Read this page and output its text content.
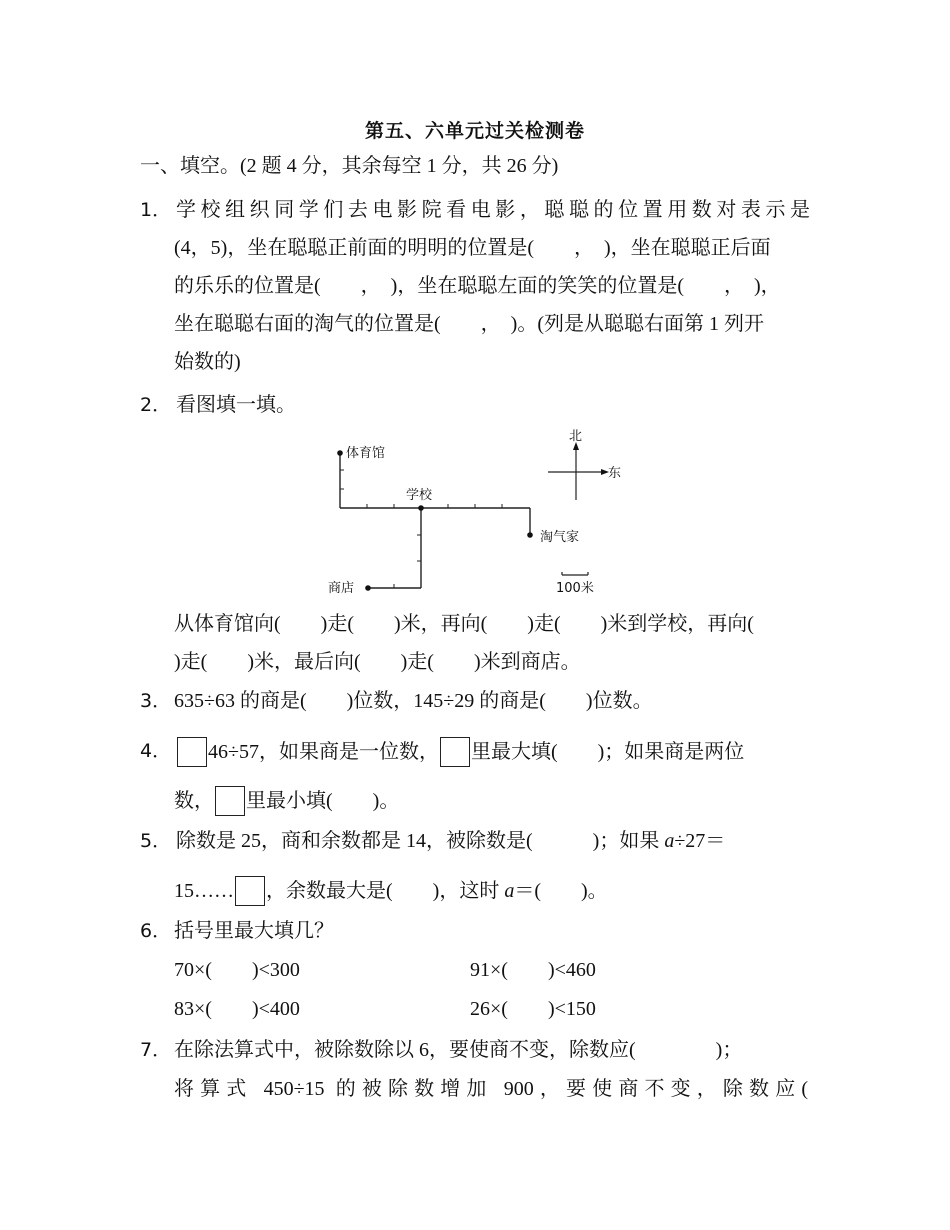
第五、六单元过关检测卷
一、填空。(2 题 4 分，其余每空 1 分，共 26 分)
1． 学校组织同学们去电影院看电影，聪聪的位置用数对表示是
(4，5)，坐在聪聪正前面的明明的位置是(　　，　)，坐在聪聪正后面
的乐乐的位置是(　　，　)，坐在聪聪左面的笑笑的位置是(　　，　)，
坐在聪聪右面的淘气的位置是(　　，　)。(列是从聪聪右面第 1 列开
始数的)
2． 看图填一填。
体育馆
学校
淘气家
商店
北
东
100米
从体育馆向(　　)走(　　)米，再向(　　)走(　　)米到学校，再向(
)走(　　)米，最后向(　　)走(　　)米到商店。
3． 635÷63 的商是(　　)位数，145÷29 的商是(　　)位数。
4．	46÷57，如果商是一位数， 里最大填(　　)；如果商是两位
数， 里最小填(　　)。
5． 除数是 25，商和余数都是 14，被除数是(　　　)；如果 a÷27＝
15…… ，余数最大是(　　)，这时 a＝(　　)。
6． 括号里最大填几？
70×(　　)<300	91×(　　)<460
83×(　　)<400	26×(　　)<150
7． 在除法算式中，被除数除以 6，要使商不变，除数应(　　　　)；
将算式 450÷15 的被除数增加 900，要使商不变，除数应(
